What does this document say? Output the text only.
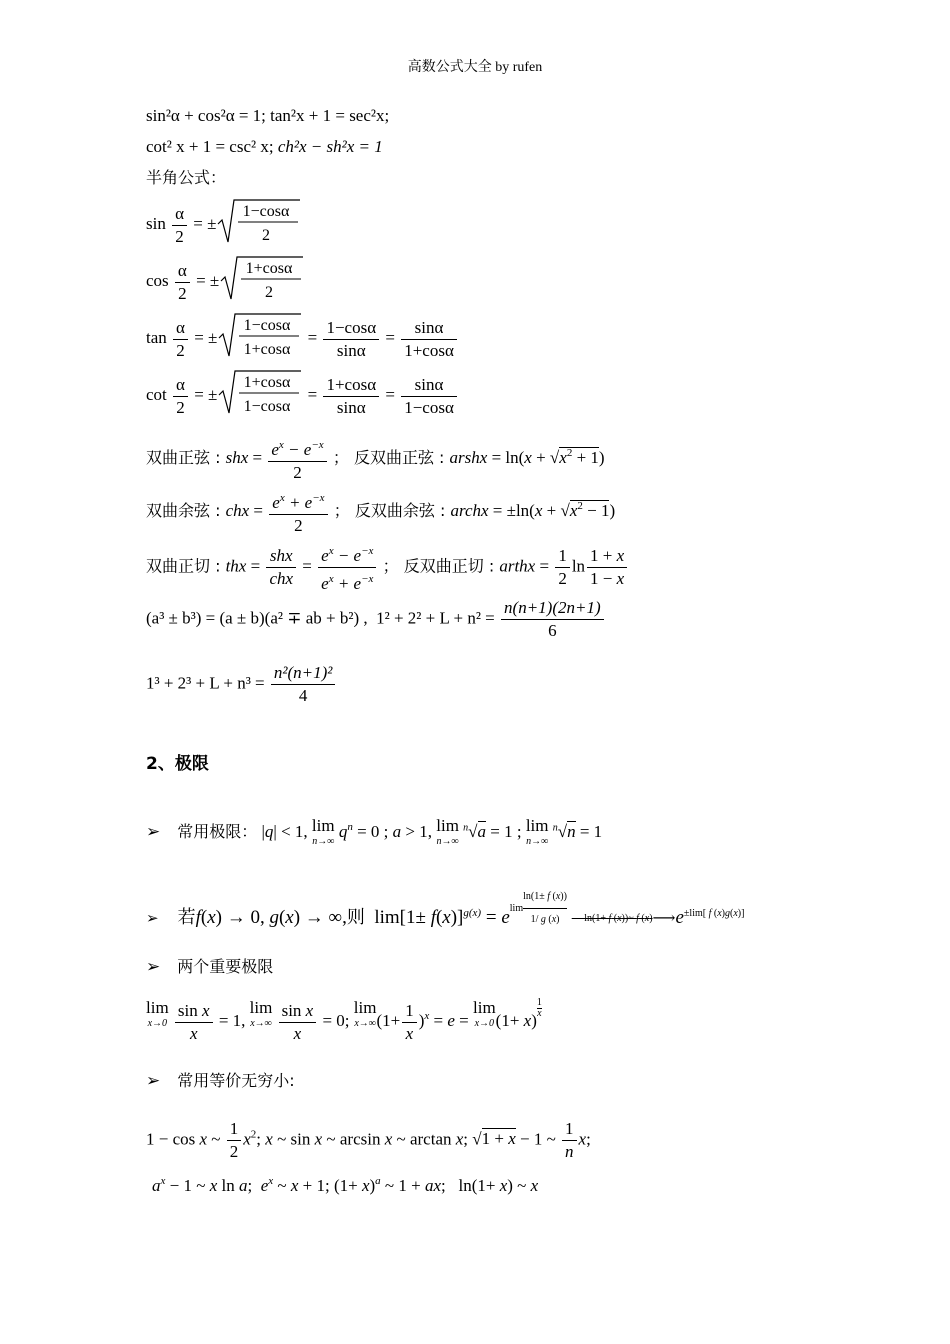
高数公式大全 by rufen
sin²α + cos²α = 1; tan²x + 1 = sec²x;
cot² x + 1 = csc² x; ch²x − sh²x = 1
半角公式：
$\sin \frac{\alpha}{2}$ = ±
1−cosα
2
$\cos \frac{\alpha}{2}$ = ±
1+cosα
2
$\tan \frac{\alpha}{2}$ = ±
1−cosα
1+cosα
= $\frac{1-\cos\alpha}{\sin\alpha} = \frac{\sin\alpha}{1+\cos\alpha}$
$\cot \frac{\alpha}{2}$ = ±
1+cosα
1−cosα
= $\frac{1+\cos\alpha}{\sin\alpha} = \frac{\sin\alpha}{1-\cos\alpha}$
双曲正弦 : shx = $\frac{e^x - e^{-x}}{2}$ ； 反双曲正弦 : arshx = $\ln(x + √x^2 + 1)$
双曲余弦 : chx = $\frac{e^x + e^{-x}}{2}$ ； 反双曲余弦 : archx = $\pm\ln(x + √x^2 - 1)$
双曲正切 : thx = $\frac{\text{shx}}{\text{chx}} = \frac{e^x - e^{-x}}{e^x + e^{-x}}$ ； 反双曲正切 : arthx = $\frac{1}{2}$ $\ln \frac{1 + x}{1 - x}$
(a³ ± b³) = (a ± b)(a² ∓ ab + b²) , $1^2 + 2^2 + L + n^2 = \frac{n(n+1)(2n+1)}{6}$
$1^3 + 2^3 + L + n^3 = \frac{\text{n²(n+1)²}}{4}$
2、极限
➢ 常用极限： |q| < 1, lim
n→∞
$q^n = 0$ ; a > 1, lim
n→∞
$^n$√a = 1 ; lim
n→∞
$^n$√n = 1
➢ 若f(x) → 0, g(x) → ∞,则  $\lim[1\pm f(x)]^{g(x)} = e^{lim \frac{\ln(1\pm f (x))}{1/ g (x)}}$ ln(1+ f (x))~ f $(x)⟶e^{\pm lim[ f (x)g(x)]}$
➢ 两个重要极限
lim
x→0
$\frac{\text{sin x}}{x} = 1$, lim
x→∞
$\frac{\text{sin x}}{x} = 0$; lim
x→∞ $(1+ \frac{1}{x} )^x = e = \lim$
x→0 (1+ x)
$\frac{1}{x}$
➢ 常用等价无穷小:
1 − cos x ~ $\frac{1}{2} x^2$; x ~ sin x ~ arcsin x ~ arctan x; √1 + x − 1 ~ $\frac{1}{n} x$;
$a^x - 1$ ~ x ln a;  $e^x$ ~ x + 1; $(1+ x)^a$ ~ 1 + ax;   ln(1+ x) ~ x
